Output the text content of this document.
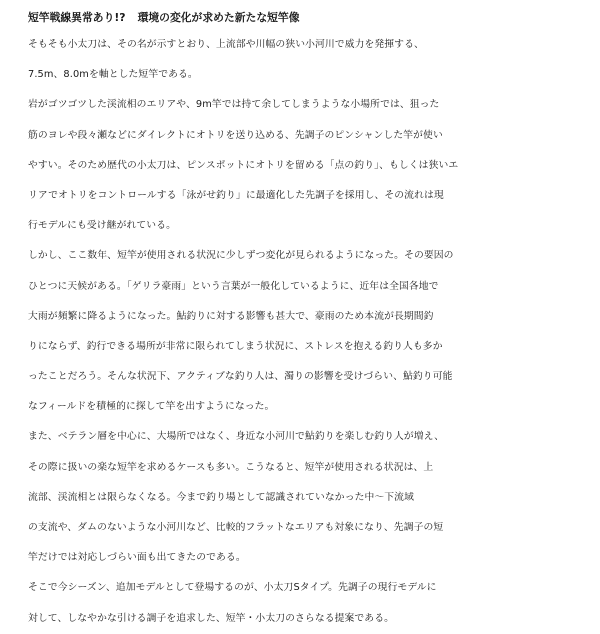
短竿戦線異常あり!? 環境の変化が求めた新たな短竿像
そもそも小太刀は、その名が示すとおり、上流部や川幅の狭い小河川で威力を発揮する、
7.5m、8.0mを軸とした短竿である。
岩がゴツゴツした渓流相のエリアや、9m竿では持て余してしまうような小場所では、狙った
筋のヨレや段々瀬などにダイレクトにオトリを送り込める、先調子のピンシャンした竿が使い
やすい。そのため歴代の小太刀は、ピンスポットにオトリを留める「点の釣り」、もしくは狭いエ
リアでオトリをコントロールする「泳がせ釣り」に最適化した先調子を採用し、その流れは現
行モデルにも受け継がれている。
しかし、ここ数年、短竿が使用される状況に少しずつ変化が見られるようになった。その要因の
ひとつに天候がある。「ゲリラ豪雨」という言葉が一般化しているように、近年は全国各地で
大雨が頻繁に降るようになった。鮎釣りに対する影響も甚大で、豪雨のため本流が長期間釣
りにならず、釣行できる場所が非常に限られてしまう状況に、ストレスを抱える釣り人も多か
ったことだろう。そんな状況下、アクティブな釣り人は、濁りの影響を受けづらい、鮎釣り可能
なフィールドを積極的に探して竿を出すようになった。
また、ベテラン層を中心に、大場所ではなく、身近な小河川で鮎釣りを楽しむ釣り人が増え、
その際に扱いの楽な短竿を求めるケースも多い。こうなると、短竿が使用される状況は、上
流部、渓流相とは限らなくなる。今まで釣り場として認識されていなかった中〜下流域
の支流や、ダムのないような小河川など、比較的フラットなエリアも対象になり、先調子の短
竿だけでは対応しづらい面も出てきたのである。
そこで今シーズン、追加モデルとして登場するのが、小太刀Sタイプ。先調子の現行モデルに
対して、しなやかな引ける調子を追求した、短竿・小太刀のさらなる提案である。
